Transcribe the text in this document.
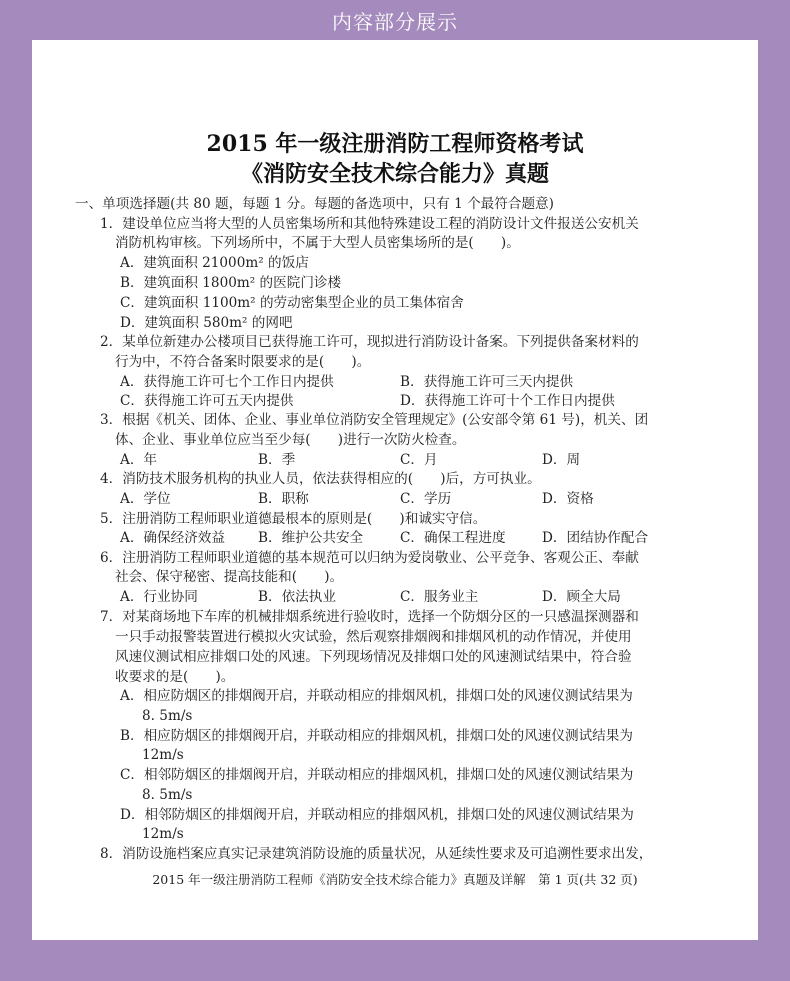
内容部分展示
2015 年一级注册消防工程师资格考试
《消防安全技术综合能力》真题
一、单项选择题(共 80 题，每题 1 分。每题的备选项中，只有 1 个最符合题意)
1．建设单位应当将大型的人员密集场所和其他特殊建设工程的消防设计文件报送公安机关
消防机构审核。下列场所中，不属于大型人员密集场所的是(　　)。
A．建筑面积 21000m² 的饭店
B．建筑面积 1800m² 的医院门诊楼
C．建筑面积 1100m² 的劳动密集型企业的员工集体宿舍
D．建筑面积 580m² 的网吧
2．某单位新建办公楼项目已获得施工许可，现拟进行消防设计备案。下列提供备案材料的
行为中，不符合备案时限要求的是(　　)。
A．获得施工许可七个工作日内提供	B．获得施工许可三天内提供
C．获得施工许可五天内提供	D．获得施工许可十个工作日内提供
3．根据《机关、团体、企业、事业单位消防安全管理规定》(公安部令第 61 号)，机关、团
体、企业、事业单位应当至少每(　　)进行一次防火检查。
A．年	B．季	C．月	D．周
4．消防技术服务机构的执业人员，依法获得相应的(　　)后，方可执业。
A．学位	B．职称	C．学历	D．资格
5．注册消防工程师职业道德最根本的原则是(　　)和诚实守信。
A．确保经济效益 B．维护公共安全	C．确保工程进度	D．团结协作配合
6．注册消防工程师职业道德的基本规范可以归纳为爱岗敬业、公平竞争、客观公正、奉献
社会、保守秘密、提高技能和(　　)。
A．行业协同	B．依法执业	C．服务业主	D．顾全大局
7．对某商场地下车库的机械排烟系统进行验收时，选择一个防烟分区的一只感温探测器和
一只手动报警装置进行模拟火灾试验，然后观察排烟阀和排烟风机的动作情况，并使用
风速仪测试相应排烟口处的风速。下列现场情况及排烟口处的风速测试结果中，符合验
收要求的是(　　)。
A．相应防烟区的排烟阀开启，并联动相应的排烟风机，排烟口处的风速仪测试结果为
8. 5m/s
B．相应防烟区的排烟阀开启，并联动相应的排烟风机，排烟口处的风速仪测试结果为
12m/s
C．相邻防烟区的排烟阀开启，并联动相应的排烟风机，排烟口处的风速仪测试结果为
8. 5m/s
D．相邻防烟区的排烟阀开启，并联动相应的排烟风机，排烟口处的风速仪测试结果为
12m/s
8．消防设施档案应真实记录建筑消防设施的质量状况，从延续性要求及可追溯性要求出发，
2015 年一级注册消防工程师《消防安全技术综合能力》真题及详解　第 1 页(共 32 页)
